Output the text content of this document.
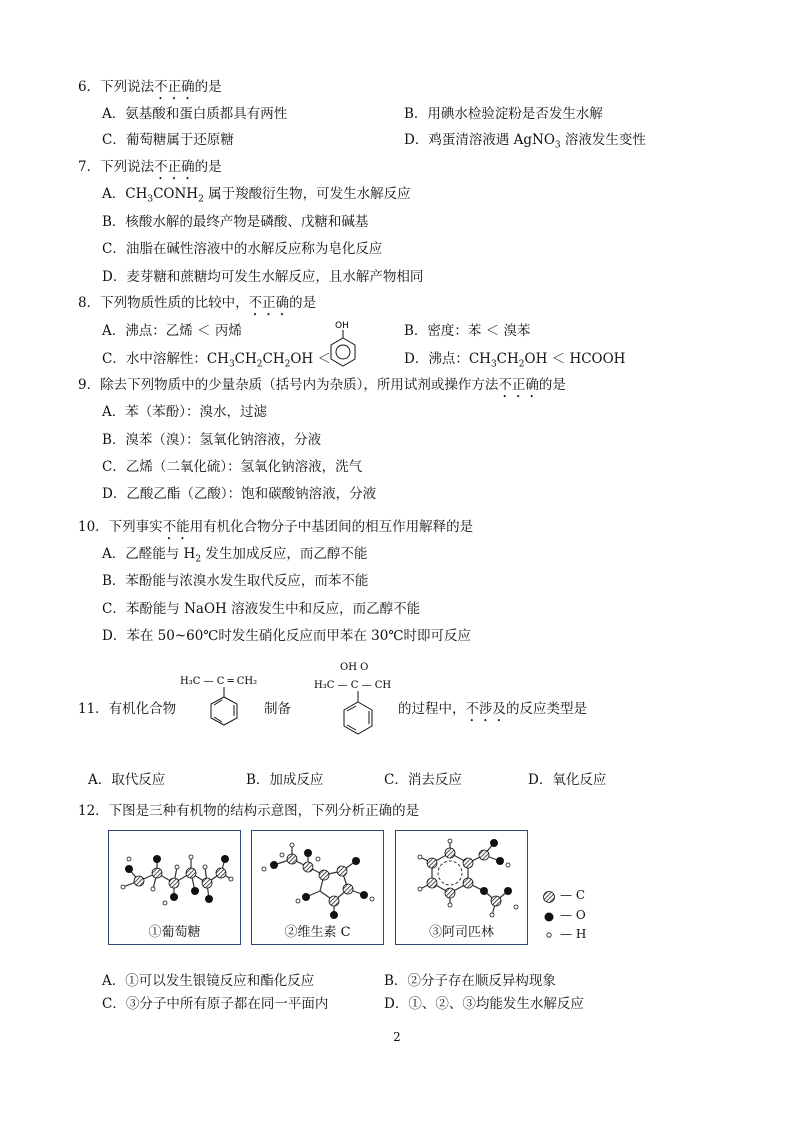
6．下列说法不正确的是
A．氨基酸和蛋白质都具有两性	B．用碘水检验淀粉是否发生水解
C．葡萄糖属于还原糖	D．鸡蛋清溶液遇 AgNO$_3$ 溶液发生变性
7．下列说法不正确的是
A．$CH_3CONH_2$ 属于羧酸衍生物，可发生水解反应
B．核酸水解的最终产物是磷酸、戊糖和碱基
C．油脂在碱性溶液中的水解反应称为皂化反应
D．麦芽糖和蔗糖均可发生水解反应，且水解产物相同
8．下列物质性质的比较中，不正确的是
A．沸点：乙烯 ＜ 丙烯	B．密度：苯 ＜ 溴苯
C．水中溶解性：$CH_3CH_2CH_2OH$ ＜
OH
D．沸点：$CH_3CH_2OH$ ＜ HCOOH
9．除去下列物质中的少量杂质（括号内为杂质），所用试剂或操作方法不正确的是
A．苯（苯酚）：溴水，过滤
B．溴苯（溴）：氢氧化钠溶液，分液
C．乙烯（二氧化硫）：氢氧化钠溶液，洗气
D．乙酸乙酯（乙酸）：饱和碳酸钠溶液，分液
10．下列事实不能用有机化合物分子中基团间的相互作用解释的是
A．乙醛能与 $H_2$ 发生加成反应，而乙醇不能
B．苯酚能与浓溴水发生取代反应，而苯不能
C．苯酚能与 NaOH 溶液发生中和反应，而乙醇不能
D．苯在 50~60℃时发生硝化反应而甲苯在 30℃时即可反应
H₃C — C ═ CH₂
11．有机化合物	制备
OH O
H₃C — C — CH
的过程中，不涉及的反应类型是
A．取代反应	B．加成反应	C．消去反应	D．氧化反应
12．下图是三种有机物的结构示意图，下列分析正确的是
①葡萄糖	②维生素 C	③阿司匹林
— C
— O
— H
A．①可以发生银镜反应和酯化反应	B．②分子存在顺反异构现象
C．③分子中所有原子都在同一平面内	D．①、②、③均能发生水解反应
2
